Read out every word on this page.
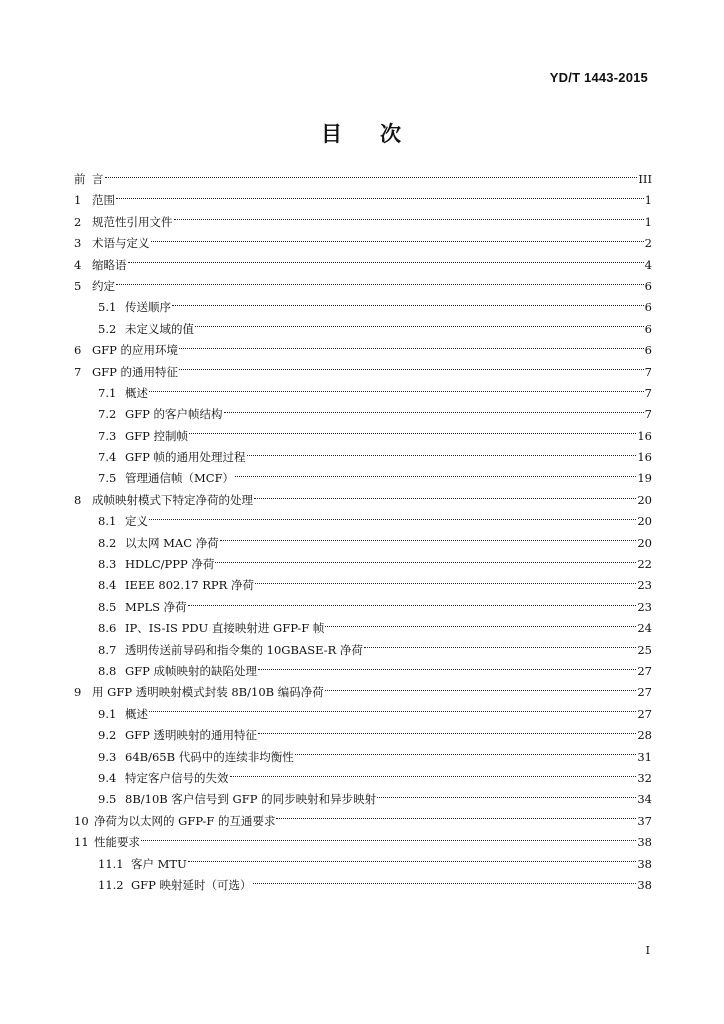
YD/T 1443-2015
目 次
前 言	III
1 范围	1
2 规范性引用文件	1
3 术语与定义	2
4 缩略语	4
5 约定	6
5.1 传送顺序	6
5.2 未定义域的值	6
6 GFP 的应用环境	6
7 GFP 的通用特征	7
7.1 概述	7
7.2 GFP 的客户帧结构	7
7.3 GFP 控制帧	16
7.4 GFP 帧的通用处理过程	16
7.5 管理通信帧（MCF）	19
8 成帧映射模式下特定净荷的处理	20
8.1 定义	20
8.2 以太网 MAC 净荷	20
8.3 HDLC/PPP 净荷	22
8.4 IEEE 802.17 RPR 净荷	23
8.5 MPLS 净荷	23
8.6 IP、IS-IS PDU 直接映射进 GFP-F 帧	24
8.7 透明传送前导码和指令集的 10GBASE-R 净荷	25
8.8 GFP 成帧映射的缺陷处理	27
9 用 GFP 透明映射模式封装 8B/10B 编码净荷	27
9.1 概述	27
9.2 GFP 透明映射的通用特征	28
9.3 64B/65B 代码中的连续非均衡性	31
9.4 特定客户信号的失效	32
9.5 8B/10B 客户信号到 GFP 的同步映射和异步映射	34
10 净荷为以太网的 GFP-F 的互通要求	37
11 性能要求	38
11.1 客户 MTU	38
11.2 GFP 映射延时（可选）	38
I
